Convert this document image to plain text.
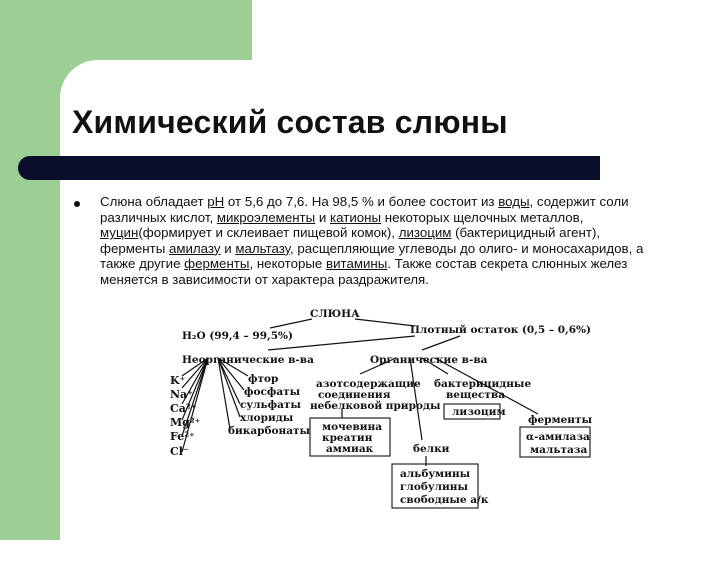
Химический состав слюны

Слюна обладает рН от 5,6 до 7,6. На 98,5 % и более состоит из воды, содержит соли различных кислот, микроэлементы и катионы некоторых щелочных металлов, муцин(формирует и склеивает пищевой комок), лизоцим (бактерицидный агент), ферменты амилазу и мальтазу, расщепляющие углеводы до олиго- и моносахаридов, а также другие ферменты, некоторые витамины. Также состав секрета слюнных желез меняется в зависимости от характера раздражителя.

СЛЮНА
H₂O (99,4 – 99,5%)	Плотный остаток (0,5 – 0,6%)
Неорганические в-ва	Органические в-ва
K⁺
Na⁺
Ca²⁺
Mg²⁺
Fe²⁺
Cl⁻
фтор
фосфаты
сульфаты
хлориды
бикарбонаты
азотсодержащие
соединения
небелковой природы
мочевина
креатин
аммиак
бактерицидные
вещества
лизоцим
белки
альбумины
глобулины
свободные а/к
ферменты
α-амилаза
мальтаза
